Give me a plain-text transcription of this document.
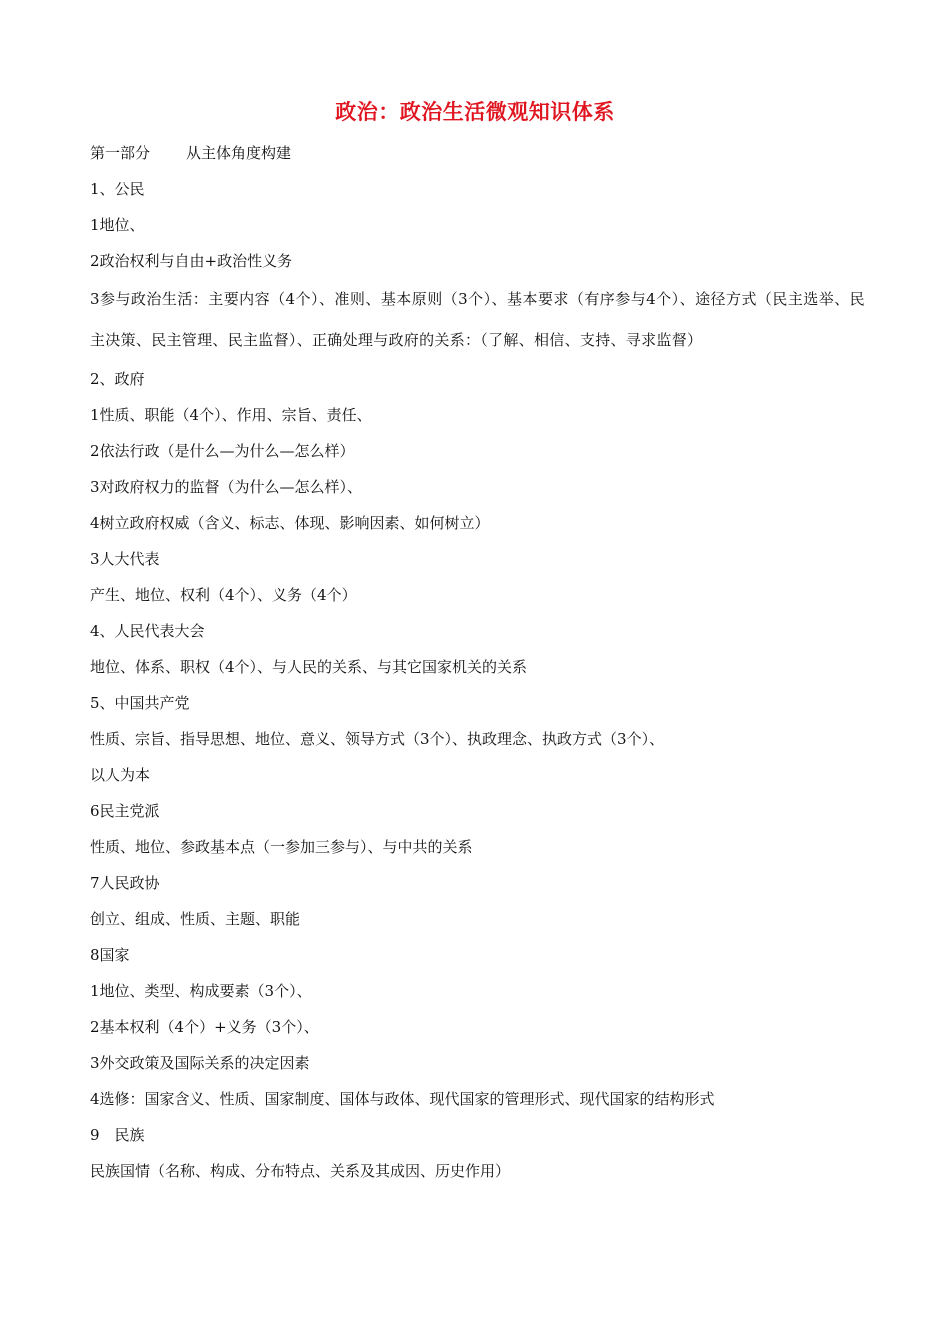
政治：政治生活微观知识体系
第一部分 从主体角度构建
1、公民
1地位、
2政治权利与自由+政治性义务
3参与政治生活：主要内容（4个）、准则、基本原则（3个）、基本要求（有序参与4个）、途径方式（民主选举、民主决策、民主管理、民主监督）、正确处理与政府的关系：（了解、相信、支持、寻求监督）
2、政府
1性质、职能（4个）、作用、宗旨、责任、
2依法行政（是什么—为什么—怎么样）
3对政府权力的监督（为什么—怎么样）、
4树立政府权威（含义、标志、体现、影响因素、如何树立）
3人大代表
产生、地位、权利（4个）、义务（4个）
4、人民代表大会
地位、体系、职权（4个）、与人民的关系、与其它国家机关的关系
5、中国共产党
性质、宗旨、指导思想、地位、意义、领导方式（3个）、执政理念、执政方式（3个）、
以人为本
6民主党派
性质、地位、参政基本点（一参加三参与）、与中共的关系
7人民政协
创立、组成、性质、主题、职能
8国家
1地位、类型、构成要素（3个）、
2基本权利（4个）+义务（3个）、
3外交政策及国际关系的决定因素
4选修：国家含义、性质、国家制度、国体与政体、现代国家的管理形式、现代国家的结构形式
9　民族
民族国情（名称、构成、分布特点、关系及其成因、历史作用）
